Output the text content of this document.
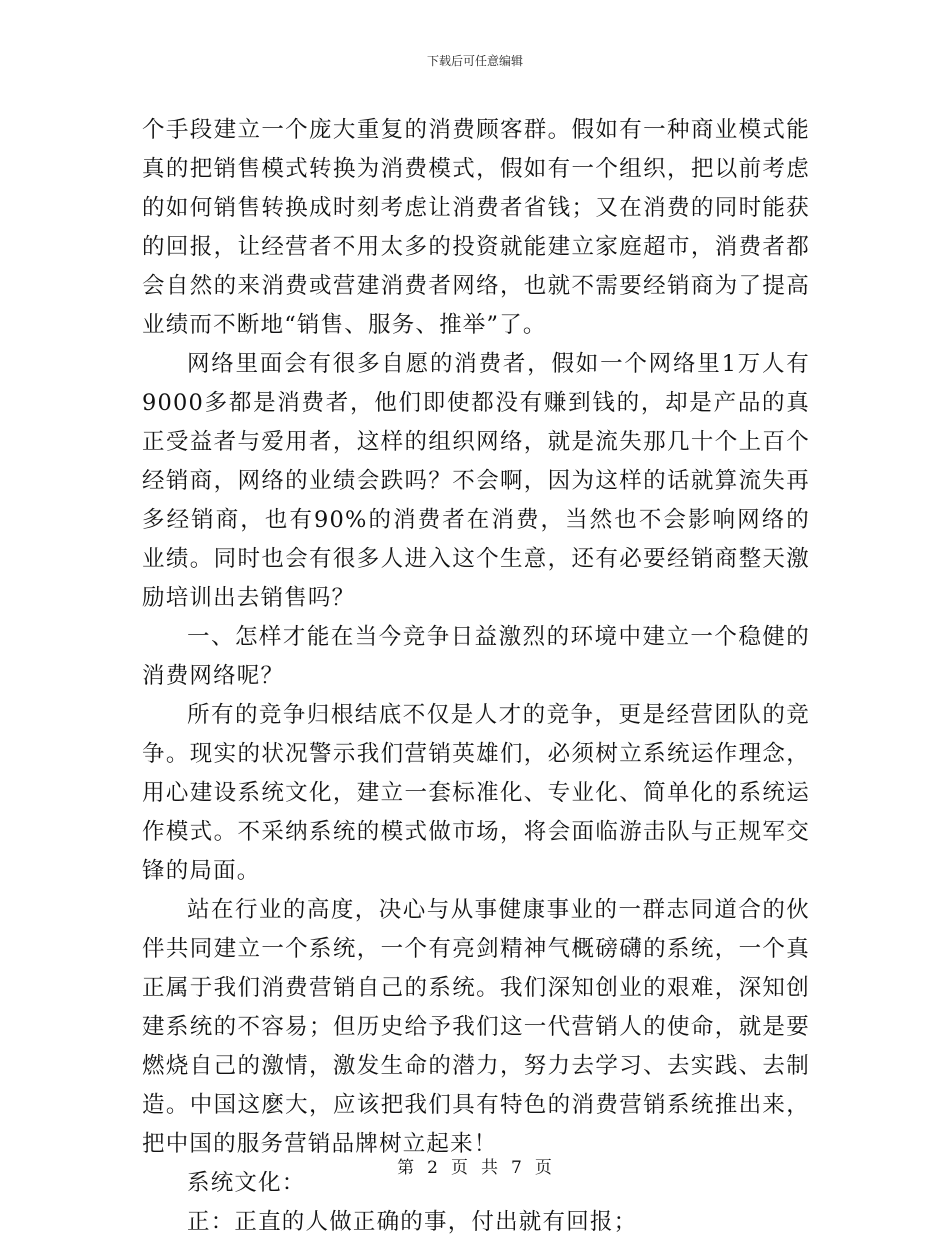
下载后可任意编辑

个手段建立一个庞大重复的消费顾客群。假如有一种商业模式能真的把销售模式转换为消费模式，假如有一个组织，把以前考虑的如何销售转换成时刻考虑让消费者省钱；又在消费的同时能获的回报，让经营者不用太多的投资就能建立家庭超市，消费者都会自然的来消费或营建消费者网络，也就不需要经销商为了提高业绩而不断地“销售、服务、推举”了。

网络里面会有很多自愿的消费者，假如一个网络里1万人有9000多都是消费者，他们即使都没有赚到钱的，却是产品的真正受益者与爱用者，这样的组织网络，就是流失那几十个上百个经销商，网络的业绩会跌吗？不会啊，因为这样的话就算流失再多经销商，也有90%的消费者在消费，当然也不会影响网络的业绩。同时也会有很多人进入这个生意，还有必要经销商整天激励培训出去销售吗？

一、怎样才能在当今竞争日益激烈的环境中建立一个稳健的消费网络呢？

所有的竞争归根结底不仅是人才的竞争，更是经营团队的竞争。现实的状况警示我们营销英雄们，必须树立系统运作理念，用心建设系统文化，建立一套标准化、专业化、简单化的系统运作模式。不采纳系统的模式做市场，将会面临游击队与正规军交锋的局面。

站在行业的高度，决心与从事健康事业的一群志同道合的伙伴共同建立一个系统，一个有亮剑精神气概磅礴的系统，一个真正属于我们消费营销自己的系统。我们深知创业的艰难，深知创建系统的不容易；但历史给予我们这一代营销人的使命，就是要燃烧自己的激情，激发生命的潜力，努力去学习、去实践、去制造。中国这麽大，应该把我们具有特色的消费营销系统推出来，把中国的服务营销品牌树立起来！

系统文化：

正：正直的人做正确的事，付出就有回报；

第 2 页 共 7 页
